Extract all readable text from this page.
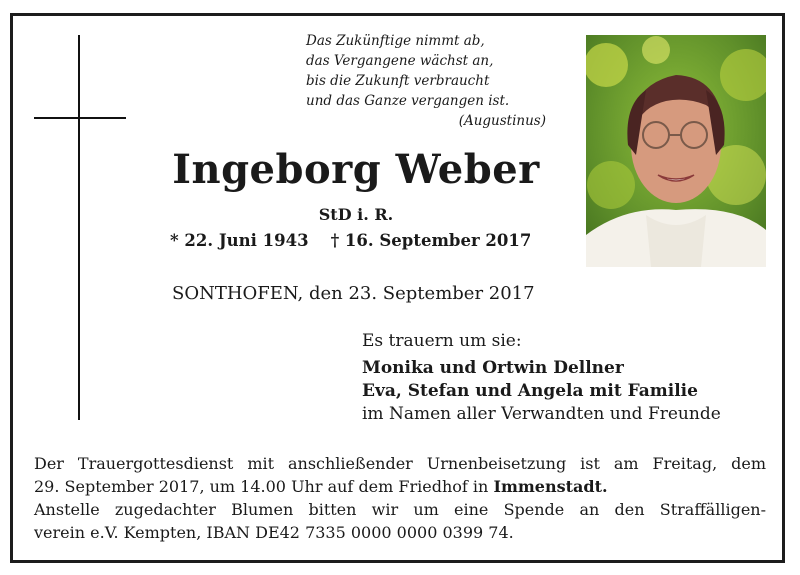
Das Zukünftige nimmt ab,
das Vergangene wächst an,
bis die Zukunft verbraucht
und das Ganze vergangen ist.
(Augustinus)
Ingeborg Weber
StD i. R.
* 22. Juni 1943 † 16. September 2017
SONTHOFEN, den 23. September 2017
Es trauern um sie:
Monika und Ortwin Dellner
Eva, Stefan und Angela mit Familie
im Namen aller Verwandten und Freunde

Der Trauergottesdienst mit anschließender Urnenbeisetzung ist am Freitag, dem

29. September 2017, um 14.00 Uhr auf dem Friedhof in Immenstadt.

Anstelle zugedachter Blumen bitten wir um eine Spende an den Straffälligen-

verein e.V. Kempten, IBAN DE42 7335 0000 0000 0399 74.
